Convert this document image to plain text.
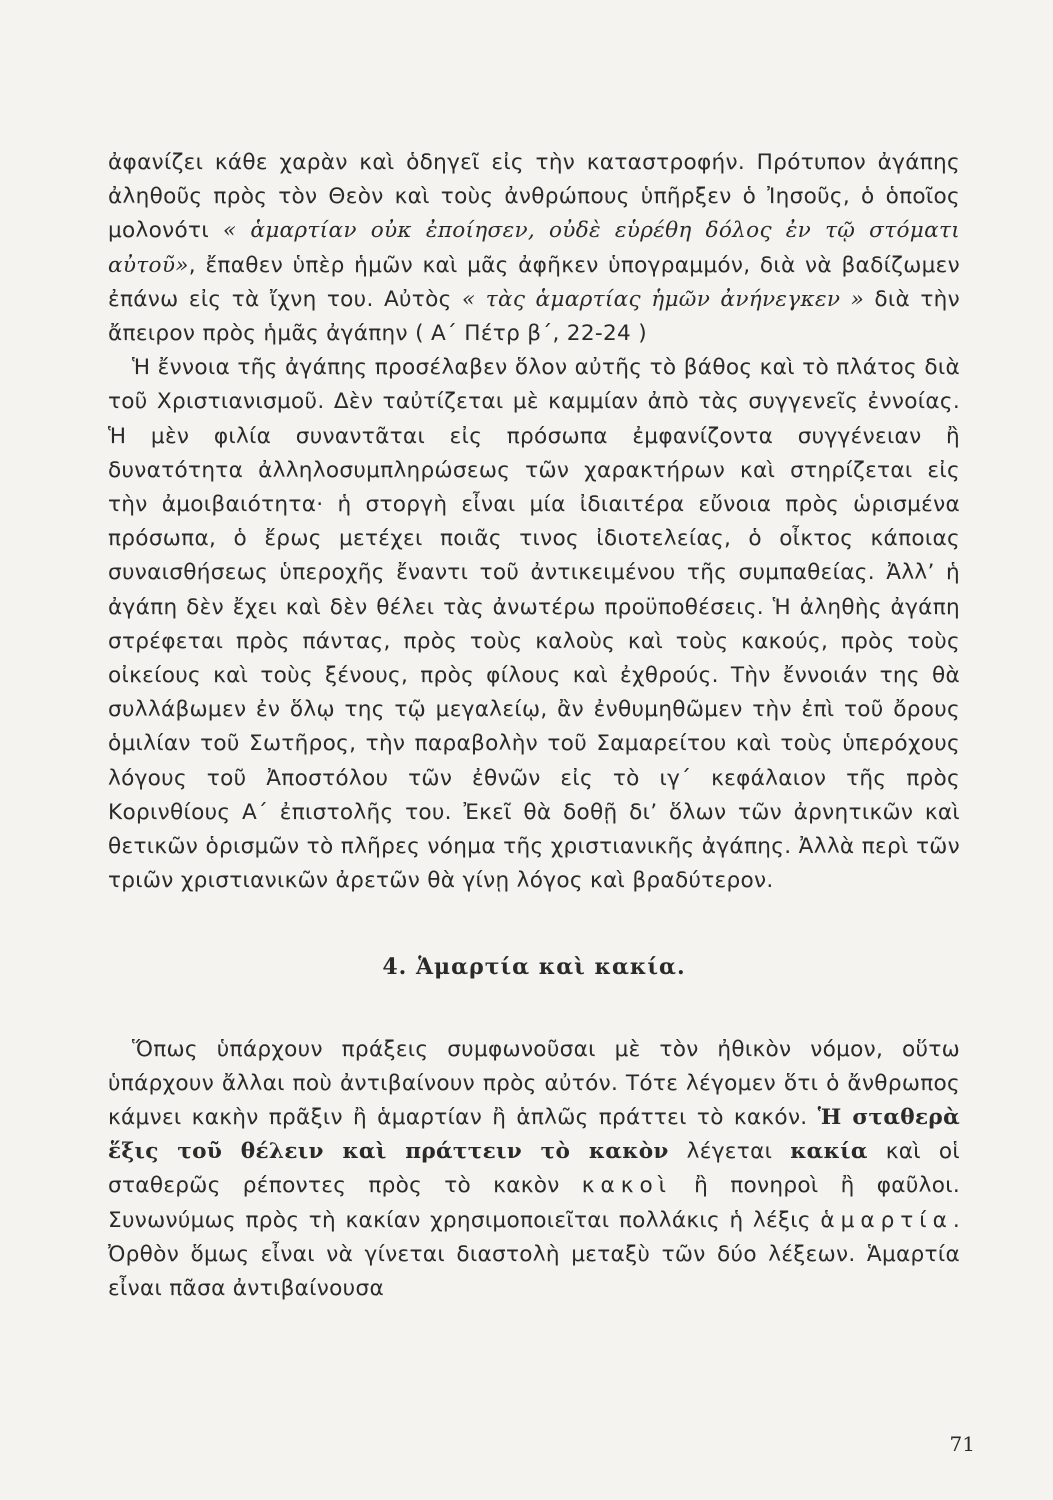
ἀφανίζει κάθε χαρὰν καὶ ὁδηγεῖ εἰς τὴν καταστροφήν. Πρότυπον ἀγάπης ἀληθοῦς πρὸς τὸν Θεὸν καὶ τοὺς ἀνθρώπους ὑπῆρξεν ὁ Ἰησοῦς, ὁ ὁποῖος μολονότι « ἁμαρτίαν οὐκ ἐποίησεν, οὐδὲ εὑρέθη δόλος ἐν τῷ στόματι αὐτοῦ», ἔπαθεν ὑπὲρ ἡμῶν καὶ μᾶς ἀφῆκεν ὑπογραμμόν, διὰ νὰ βαδίζωμεν ἐπάνω εἰς τὰ ἴχνη του. Αὐτὸς « τὰς ἁμαρτίας ἡμῶν ἀνήνεγκεν » διὰ τὴν ἄπειρον πρὸς ἡμᾶς ἀγάπην ( Α΄ Πέτρ β΄, 22-24 )

Ἡ ἔννοια τῆς ἀγάπης προσέλαβεν ὅλον αὐτῆς τὸ βάθος καὶ τὸ πλάτος διὰ τοῦ Χριστιανισμοῦ. Δὲν ταὐτίζεται μὲ καμμίαν ἀπὸ τὰς συγγενεῖς ἐννοίας. Ἡ μὲν φιλία συναντᾶται εἰς πρόσωπα ἐμφανίζοντα συγγένειαν ἢ δυνατότητα ἀλληλοσυμπληρώσεως τῶν χαρακτήρων καὶ στηρίζεται εἰς τὴν ἀμοιβαιότητα· ἡ στοργὴ εἶναι μία ἰδιαιτέρα εὔνοια πρὸς ὡρισμένα πρόσωπα, ὁ ἔρως μετέχει ποιᾶς τινος ἰδιοτελείας, ὁ οἶκτος κάποιας συναισθήσεως ὑπεροχῆς ἔναντι τοῦ ἀντικειμένου τῆς συμπαθείας. Ἀλλ’ ἡ ἀγάπη δὲν ἔχει καὶ δὲν θέλει τὰς ἀνωτέρω προϋποθέσεις. Ἡ ἀληθὴς ἀγάπη στρέφεται πρὸς πάντας, πρὸς τοὺς καλοὺς καὶ τοὺς κακούς, πρὸς τοὺς οἰκείους καὶ τοὺς ξένους, πρὸς φίλους καὶ ἐχθρούς. Τὴν ἔννοιάν της θὰ συλλάβωμεν ἐν ὅλῳ της τῷ μεγαλείῳ, ἂν ἐνθυμηθῶμεν τὴν ἐπὶ τοῦ ὄρους ὁμιλίαν τοῦ Σωτῆρος, τὴν παραβολὴν τοῦ Σαμαρείτου καὶ τοὺς ὑπερόχους λόγους τοῦ Ἀποστόλου τῶν ἐθνῶν εἰς τὸ ιγ΄ κεφάλαιον τῆς πρὸς Κορινθίους Α΄ ἐπιστολῆς του. Ἐκεῖ θὰ δοθῇ δι’ ὅλων τῶν ἀρνητικῶν καὶ θετικῶν ὁρισμῶν τὸ πλῆρες νόημα τῆς χριστιανικῆς ἀγάπης. Ἀλλὰ περὶ τῶν τριῶν χριστιανικῶν ἀρετῶν θὰ γίνῃ λόγος καὶ βραδύτερον.

4. Ἁμαρτία καὶ κακία.

Ὅπως ὑπάρχουν πράξεις συμφωνοῦσαι μὲ τὸν ἠθικὸν νόμον, οὕτω ὑπάρχουν ἄλλαι ποὺ ἀντιβαίνουν πρὸς αὐτόν. Τότε λέγομεν ὅτι ὁ ἄνθρωπος κάμνει κακὴν πρᾶξιν ἢ ἁμαρτίαν ἢ ἁπλῶς πράττει τὸ κακόν. Ἡ σταθερὰ ἕξις τοῦ θέλειν καὶ πράττειν τὸ κακὸν λέγεται κακία καὶ οἱ σταθερῶς ρέποντες πρὸς τὸ κακὸν κακοὶ ἢ πονηροὶ ἢ φαῦλοι. Συνωνύμως πρὸς τὴ κακίαν χρησιμοποιεῖται πολλάκις ἡ λέξις ἁμαρτία. Ὀρθὸν ὅμως εἶναι νὰ γίνεται διαστολὴ μεταξὺ τῶν δύο λέξεων. Ἁμαρτία εἶναι πᾶσα ἀντιβαίνουσα

71
